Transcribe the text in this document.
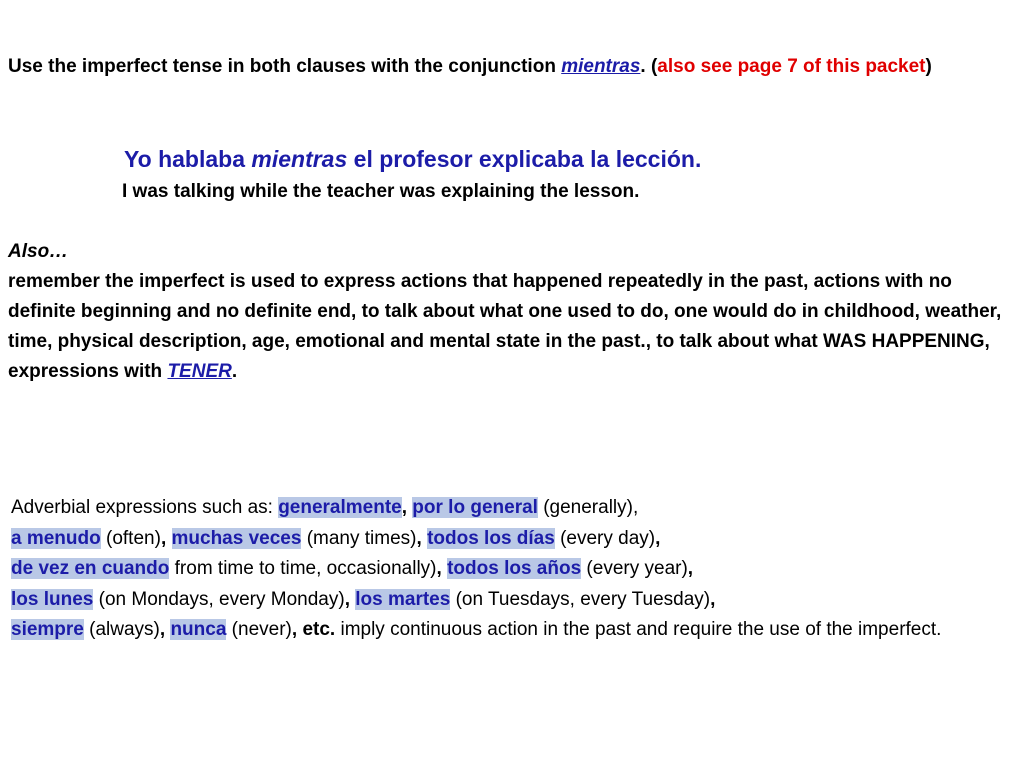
Use the imperfect tense in both clauses with the conjunction mientras. (also see page 7 of this packet)
Yo hablaba mientras el profesor explicaba la lección.
I was talking while the teacher was explaining the lesson.
Also…
remember the imperfect is used to express actions that happened repeatedly in the past, actions with no definite beginning and no definite end, to talk about what one used to do, one would do in childhood, weather, time, physical description, age, emotional and mental state in the past., to talk about what WAS HAPPENING, expressions with TENER.
Adverbial expressions such as: generalmente, por lo general (generally),
a menudo (often), muchas veces (many times), todos los días (every day),
de vez en cuando from time to time, occasionally), todos los años (every year),
los lunes (on Mondays, every Monday), los martes (on Tuesdays, every Tuesday),
siempre (always), nunca (never), etc. imply continuous action in the past and require the use of the imperfect.
